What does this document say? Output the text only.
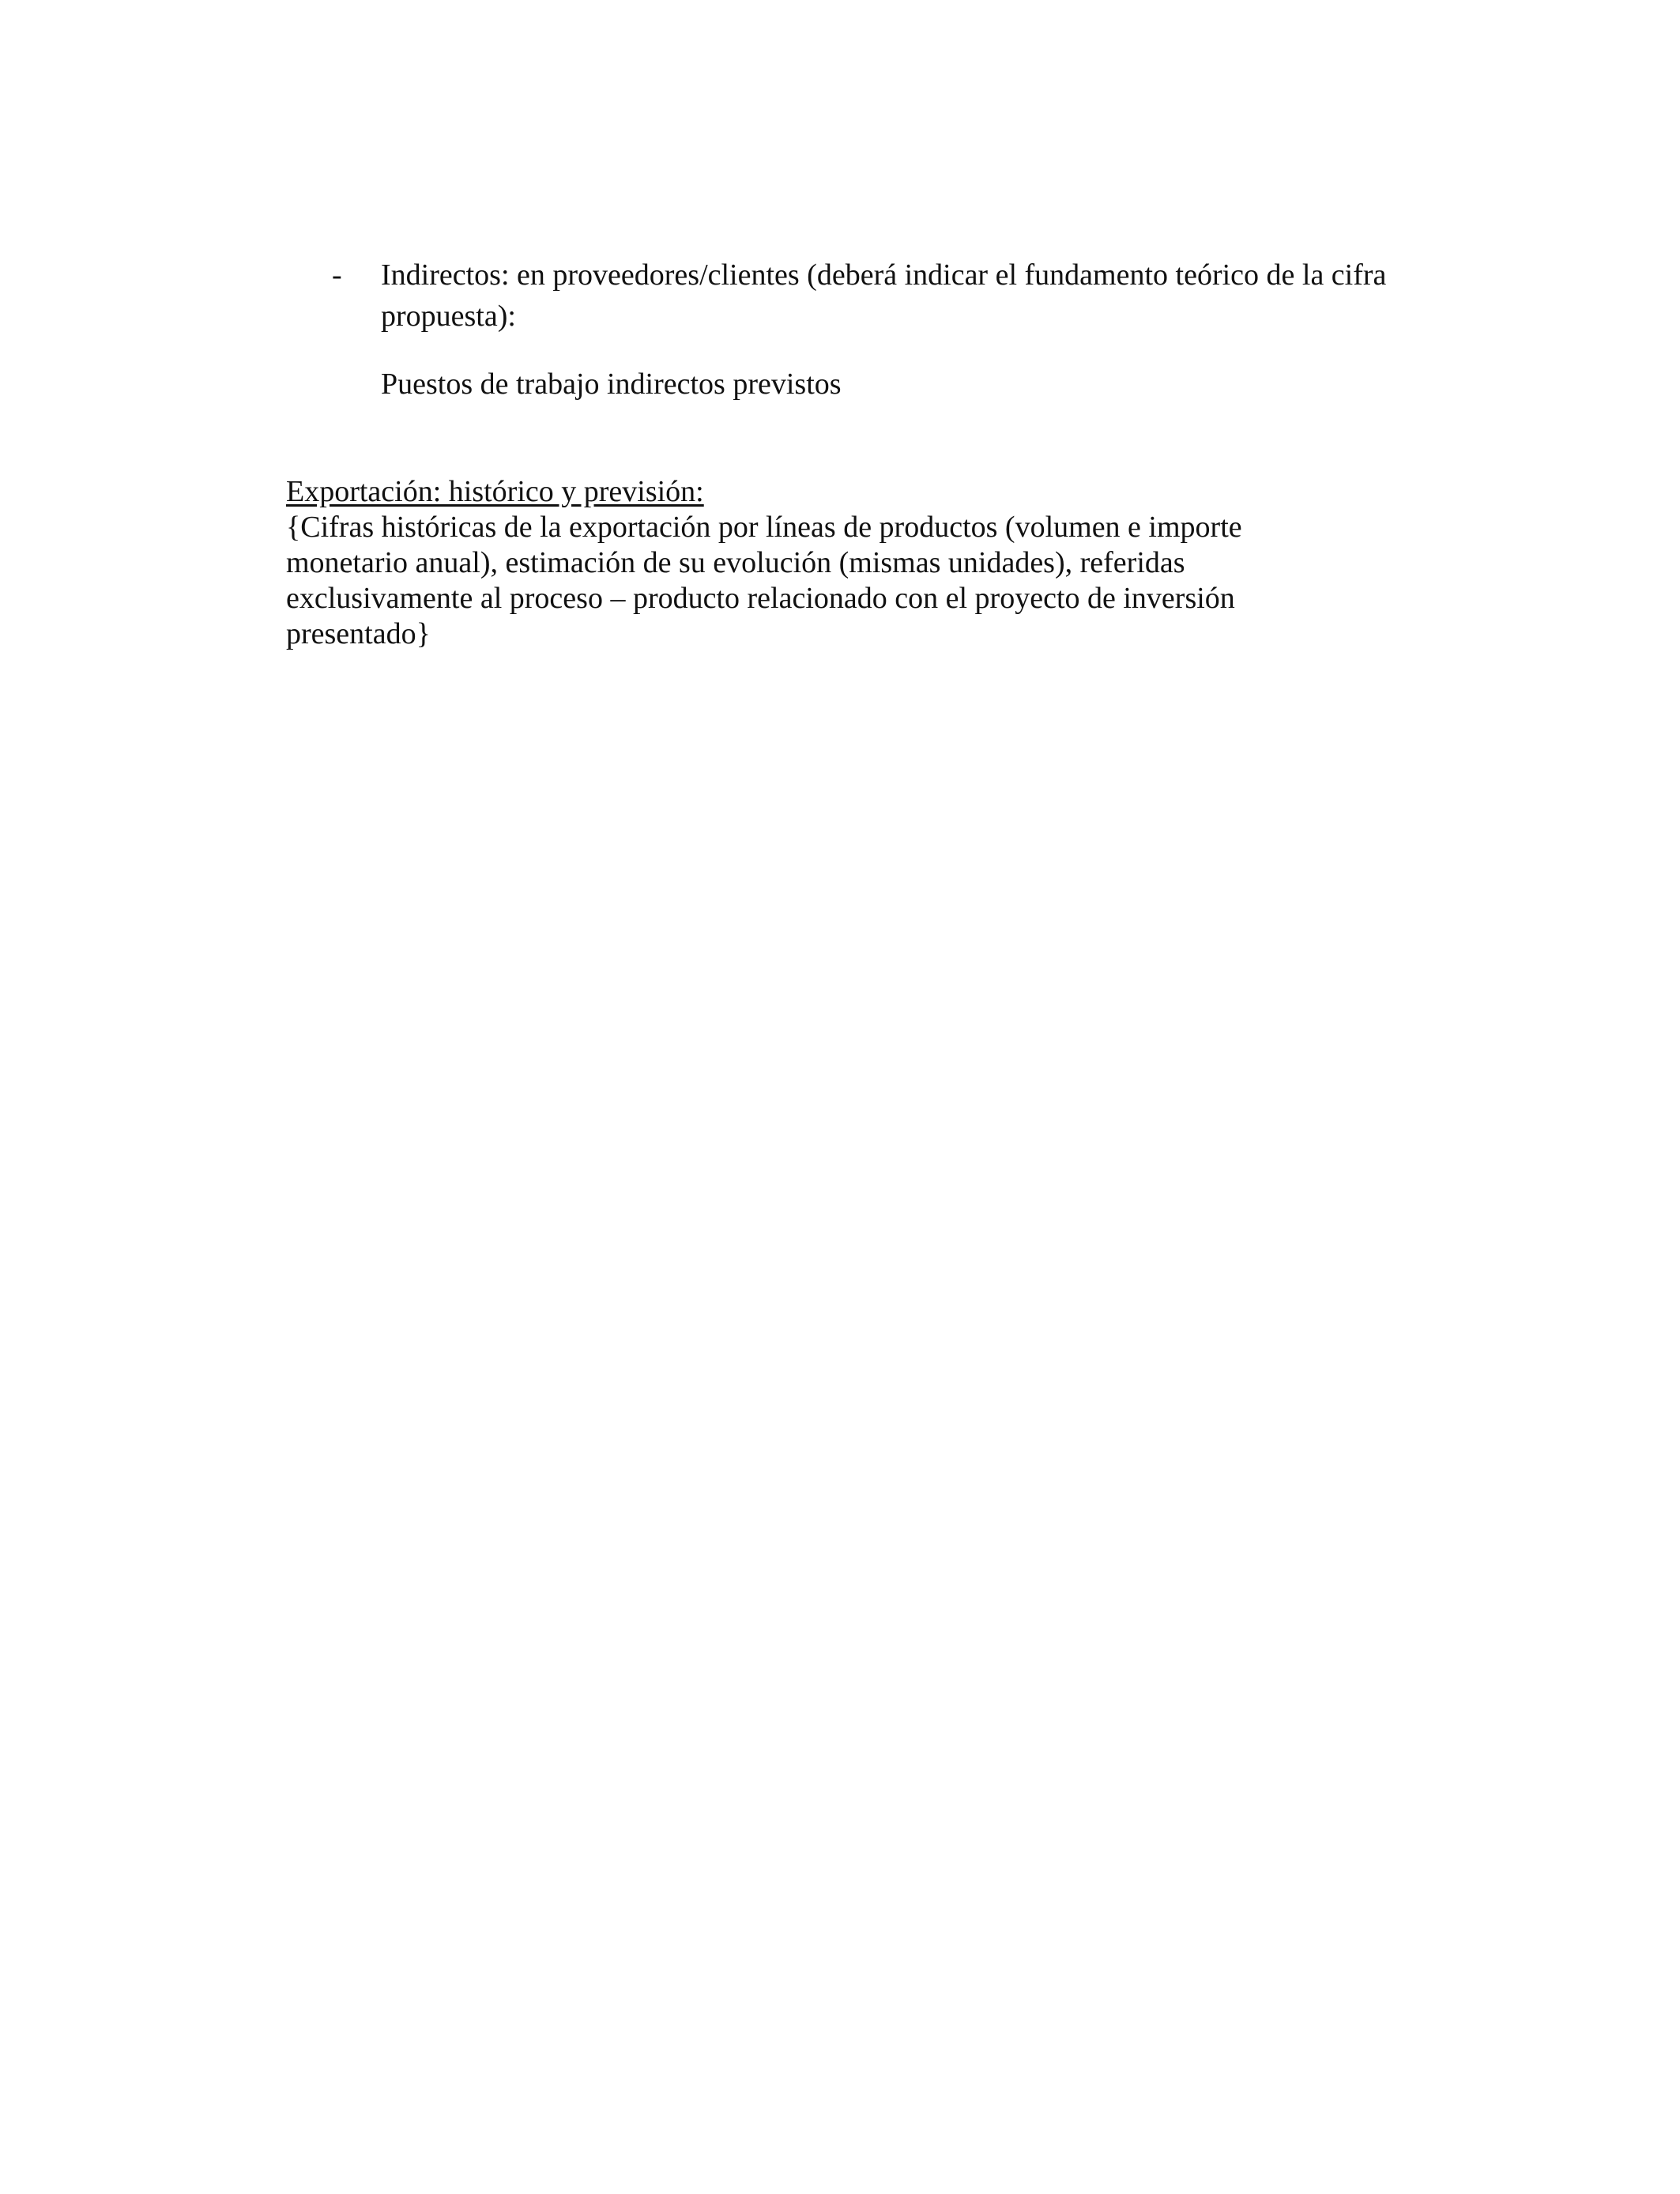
- Indirectos: en proveedores/clientes (deberá indicar el fundamento teórico de la cifra propuesta):
Puestos de trabajo indirectos previstos
Exportación: histórico y previsión:

{Cifras históricas de la exportación por líneas de productos (volumen e importe monetario anual), estimación de su evolución (mismas unidades), referidas exclusivamente al proceso – producto relacionado con el proyecto de inversión presentado}
